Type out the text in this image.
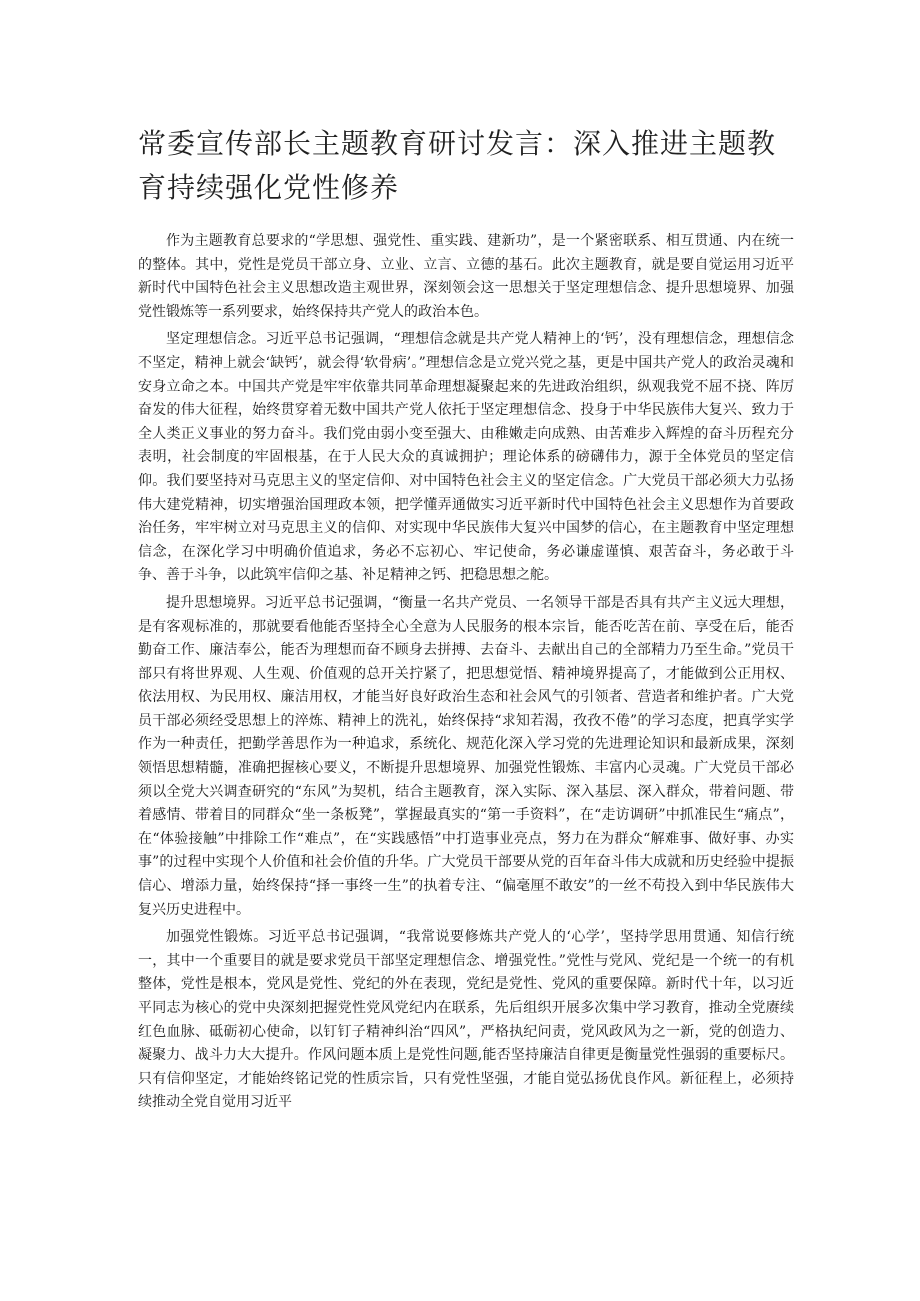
常委宣传部长主题教育研讨发言：深入推进主题教育持续强化党性修养

作为主题教育总要求的“学思想、强党性、重实践、建新功”，是一个紧密联系、相互贯通、内在统一的整体。其中，党性是党员干部立身、立业、立言、立德的基石。此次主题教育，就是要自觉运用习近平新时代中国特色社会主义思想改造主观世界，深刻领会这一思想关于坚定理想信念、提升思想境界、加强党性锻炼等一系列要求，始终保持共产党人的政治本色。

坚定理想信念。习近平总书记强调，“理想信念就是共产党人精神上的‘钙’，没有理想信念，理想信念不坚定，精神上就会‘缺钙’，就会得‘软骨病’。”理想信念是立党兴党之基，更是中国共产党人的政治灵魂和安身立命之本。中国共产党是牢牢依靠共同革命理想凝聚起来的先进政治组织，纵观我党不屈不挠、阵厉奋发的伟大征程，始终贯穿着无数中国共产党人依托于坚定理想信念、投身于中华民族伟大复兴、致力于全人类正义事业的努力奋斗。我们党由弱小变至强大、由稚嫩走向成熟、由苦难步入辉煌的奋斗历程充分表明，社会制度的牢固根基，在于人民大众的真诚拥护；理论体系的磅礴伟力，源于全体党员的坚定信仰。我们要坚持对马克思主义的坚定信仰、对中国特色社会主义的坚定信念。广大党员干部必须大力弘扬伟大建党精神，切实增强治国理政本领，把学懂弄通做实习近平新时代中国特色社会主义思想作为首要政治任务，牢牢树立对马克思主义的信仰、对实现中华民族伟大复兴中国梦的信心，在主题教育中坚定理想信念，在深化学习中明确价值追求，务必不忘初心、牢记使命，务必谦虚谨慎、艰苦奋斗，务必敢于斗争、善于斗争，以此筑牢信仰之基、补足精神之钙、把稳思想之舵。

提升思想境界。习近平总书记强调，“衡量一名共产党员、一名领导干部是否具有共产主义远大理想，是有客观标准的，那就要看他能否坚持全心全意为人民服务的根本宗旨，能否吃苦在前、享受在后，能否勤奋工作、廉洁奉公，能否为理想而奋不顾身去拼搏、去奋斗、去献出自己的全部精力乃至生命。”党员干部只有将世界观、人生观、价值观的总开关拧紧了，把思想觉悟、精神境界提高了，才能做到公正用权、依法用权、为民用权、廉洁用权，才能当好良好政治生态和社会风气的引领者、营造者和维护者。广大党员干部必须经受思想上的淬炼、精神上的洗礼，始终保持“求知若渴，孜孜不倦”的学习态度，把真学实学作为一种责任，把勤学善思作为一种追求，系统化、规范化深入学习党的先进理论知识和最新成果，深刻领悟思想精髓，准确把握核心要义，不断提升思想境界、加强党性锻炼、丰富内心灵魂。广大党员干部必须以全党大兴调查研究的“东风”为契机，结合主题教育，深入实际、深入基层、深入群众，带着问题、带着感情、带着目的同群众“坐一条板凳”，掌握最真实的“第一手资料”，在“走访调研”中抓准民生“痛点”，在“体验接触”中排除工作“难点”，在“实践感悟”中打造事业亮点，努力在为群众“解难事、做好事、办实事”的过程中实现个人价值和社会价值的升华。广大党员干部要从党的百年奋斗伟大成就和历史经验中提振信心、增添力量，始终保持“择一事终一生”的执着专注、“偏毫厘不敢安”的一丝不苟投入到中华民族伟大复兴历史进程中。

加强党性锻炼。习近平总书记强调，“我常说要修炼共产党人的‘心学’，坚持学思用贯通、知信行统一，其中一个重要目的就是要求党员干部坚定理想信念、增强党性。”党性与党风、党纪是一个统一的有机整体，党性是根本，党风是党性、党纪的外在表现，党纪是党性、党风的重要保障。新时代十年，以习近平同志为核心的党中央深刻把握党性党风党纪内在联系，先后组织开展多次集中学习教育，推动全党赓续红色血脉、砥砺初心使命，以钉钉子精神纠治“四风”，严格执纪问责，党风政风为之一新，党的创造力、凝聚力、战斗力大大提升。作风问题本质上是党性问题,能否坚持廉洁自律更是衡量党性强弱的重要标尺。只有信仰坚定，才能始终铭记党的性质宗旨，只有党性坚强，才能自觉弘扬优良作风。新征程上，必须持续推动全党自觉用习近平
